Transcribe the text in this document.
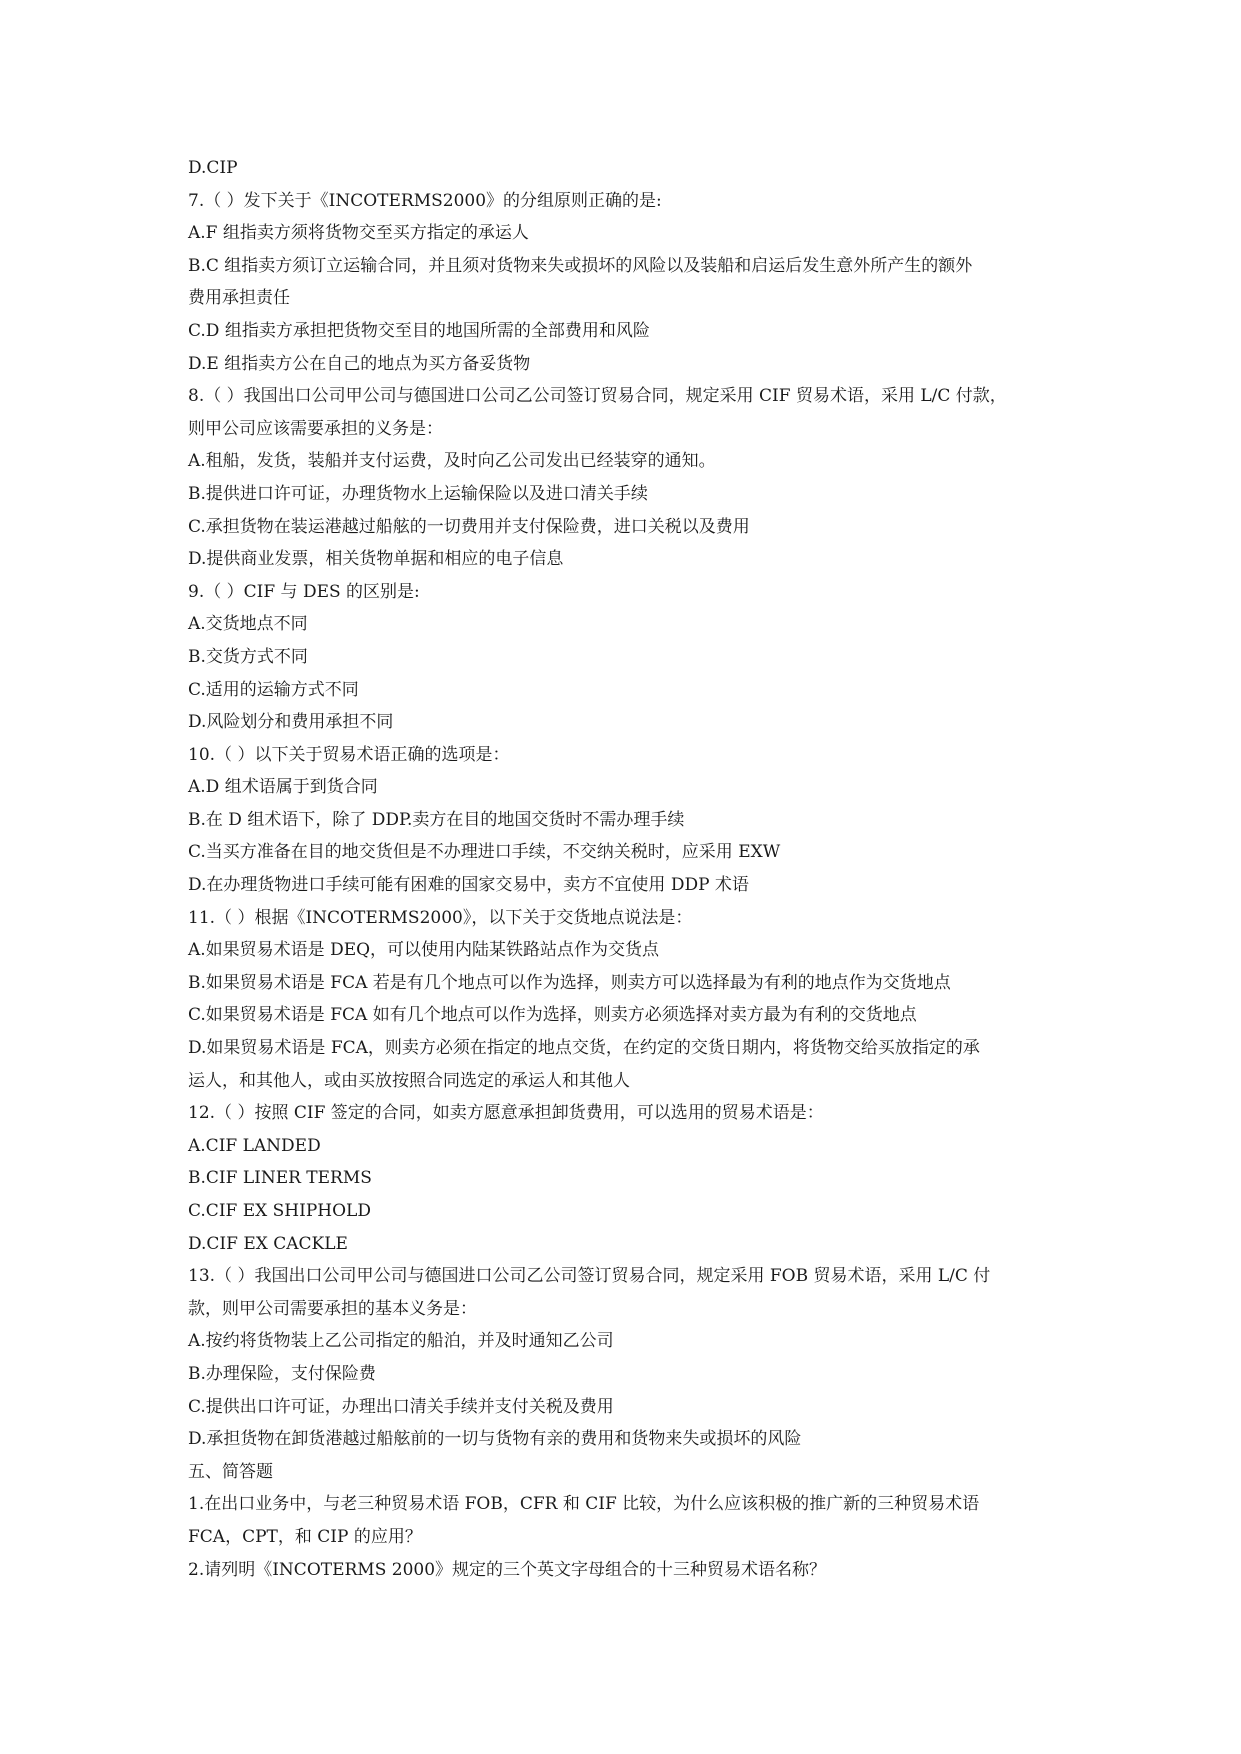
D.CIP
7.（ ）发下关于《INCOTERMS2000》的分组原则正确的是:
A.F 组指卖方须将货物交至买方指定的承运人
B.C 组指卖方须订立运输合同，并且须对货物来失或损坏的风险以及装船和启运后发生意外所产生的额外
费用承担责任
C.D 组指卖方承担把货物交至目的地国所需的全部费用和风险
D.E 组指卖方公在自己的地点为买方备妥货物
8.（ ）我国出口公司甲公司与德国进口公司乙公司签订贸易合同，规定采用 CIF 贸易术语，采用 L/C 付款，
则甲公司应该需要承担的义务是：
A.租船，发货，装船并支付运费，及时向乙公司发出已经装穿的通知。
B.提供进口许可证，办理货物水上运输保险以及进口清关手续
C.承担货物在装运港越过船舷的一切费用并支付保险费，进口关税以及费用
D.提供商业发票，相关货物单据和相应的电子信息
9.（ ）CIF 与 DES 的区别是:
A.交货地点不同
B.交货方式不同
C.适用的运输方式不同
D.风险划分和费用承担不同
10.（ ）以下关于贸易术语正确的选项是：
A.D 组术语属于到货合同
B.在 D 组术语下，除了 DDP.卖方在目的地国交货时不需办理手续
C.当买方准备在目的地交货但是不办理进口手续，不交纳关税时，应采用 EXW
D.在办理货物进口手续可能有困难的国家交易中，卖方不宜使用 DDP 术语
11.（ ）根据《INCOTERMS2000》，以下关于交货地点说法是：
A.如果贸易术语是 DEQ，可以使用内陆某铁路站点作为交货点
B.如果贸易术语是 FCA 若是有几个地点可以作为选择，则卖方可以选择最为有利的地点作为交货地点
C.如果贸易术语是 FCA 如有几个地点可以作为选择，则卖方必须选择对卖方最为有利的交货地点
D.如果贸易术语是 FCA，则卖方必须在指定的地点交货，在约定的交货日期内，将货物交给买放指定的承
运人，和其他人，或由买放按照合同选定的承运人和其他人
12.（ ）按照 CIF 签定的合同，如卖方愿意承担卸货费用，可以选用的贸易术语是：
A.CIF LANDED
B.CIF LINER TERMS
C.CIF EX SHIPHOLD
D.CIF EX CACKLE
13.（ ）我国出口公司甲公司与德国进口公司乙公司签订贸易合同，规定采用 FOB 贸易术语，采用 L/C 付
款，则甲公司需要承担的基本义务是：
A.按约将货物装上乙公司指定的船泊，并及时通知乙公司
B.办理保险，支付保险费
C.提供出口许可证，办理出口清关手续并支付关税及费用
D.承担货物在卸货港越过船舷前的一切与货物有亲的费用和货物来失或损坏的风险
五、简答题
1.在出口业务中，与老三种贸易术语 FOB，CFR 和 CIF 比较，为什么应该积极的推广新的三种贸易术语
FCA，CPT，和 CIP 的应用？
2.请列明《INCOTERMS 2000》规定的三个英文字母组合的十三种贸易术语名称？
